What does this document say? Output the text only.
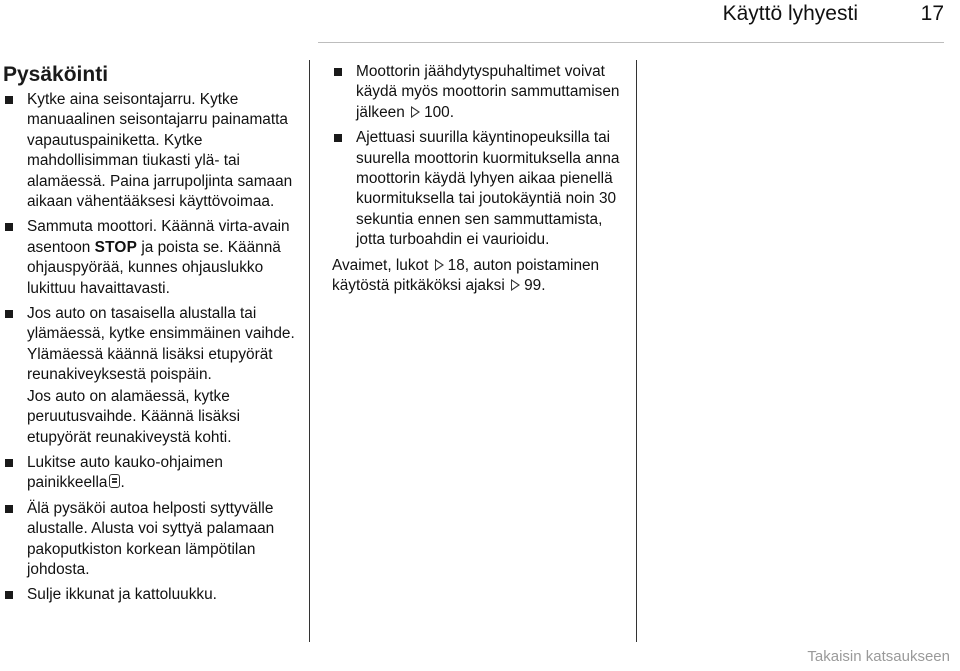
Käyttö lyhyesti	17
Pysäköinti
Kytke aina seisontajarru. Kytke manuaalinen seisontajarru painamatta vapautuspainiketta. Kytke mahdollisimman tiukasti ylä- tai alamäessä. Paina jarrupoljinta samaan aikaan vähentääksesi käyttövoimaa.
Sammuta moottori. Käännä virta-avain asentoon STOP ja poista se. Käännä ohjauspyörää, kunnes ohjauslukko lukittuu havaittavasti.
Jos auto on tasaisella alustalla tai ylämäessä, kytke ensimmäinen vaihde. Ylämäessä käännä lisäksi etupyörät reunakiveyksestä poispäin.
Jos auto on alamäessä, kytke peruutusvaihde. Käännä lisäksi etupyörät reunakiveystä kohti.
Lukitse auto kauko-ohjaimen painikkeella .
Älä pysäköi autoa helposti syttyvälle alustalle. Alusta voi syttyä palamaan pakoputkiston korkean lämpötilan johdosta.
Sulje ikkunat ja kattoluukku.
Moottorin jäähdytyspuhaltimet voivat käydä myös moottorin sammuttamisen jälkeen 100.
Ajettuasi suurilla käyntinopeuksilla tai suurella moottorin kuormituksella anna moottorin käydä lyhyen aikaa pienellä kuormituksella tai joutokäyntiä noin 30 sekuntia ennen sen sammuttamista, jotta turboahdin ei vaurioidu.
Avaimet, lukot 18, auton poistaminen käytöstä pitkäköksi ajaksi 99.
Takaisin katsaukseen
